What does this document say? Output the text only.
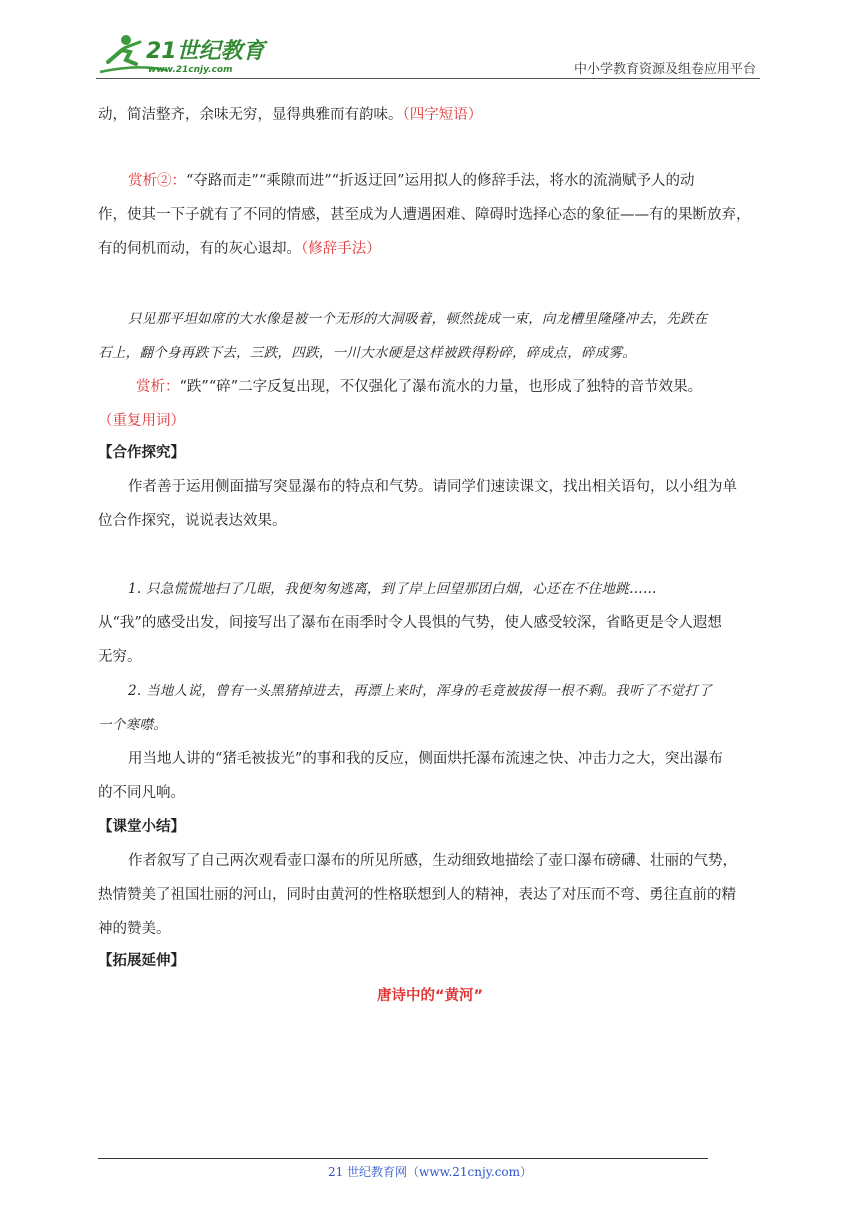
21世纪教育
www.21cnjy.com	中小学教育资源及组卷应用平台
动，简洁整齐，余味无穷，显得典雅而有韵味。（四字短语）
赏析②：“夺路而走”“乘隙而进”“折返迂回”运用拟人的修辞手法，将水的流淌赋予人的动
作，使其一下子就有了不同的情感，甚至成为人遭遇困难、障碍时选择心态的象征——有的果断放弃，
有的伺机而动，有的灰心退却。（修辞手法）
只见那平坦如席的大水像是被一个无形的大洞吸着，顿然拢成一束，向龙槽里隆隆冲去，先跌在
石上，翻个身再跌下去，三跌，四跌，一川大水硬是这样被跌得粉碎，碎成点，碎成雾。
赏析：“跌”“碎”二字反复出现，不仅强化了瀑布流水的力量，也形成了独特的音节效果。
（重复用词）
【合作探究】
作者善于运用侧面描写突显瀑布的特点和气势。请同学们速读课文，找出相关语句，以小组为单
位合作探究，说说表达效果。
1. 只急慌慌地扫了几眼，我便匆匆逃离，到了岸上回望那团白烟，心还在不住地跳……
从“我”的感受出发，间接写出了瀑布在雨季时令人畏惧的气势，使人感受较深，省略更是令人遐想
无穷。
2. 当地人说，曾有一头黑猪掉进去，再漂上来时，浑身的毛竟被拔得一根不剩。我听了不觉打了
一个寒噤。
用当地人讲的“猪毛被拔光”的事和我的反应，侧面烘托瀑布流速之快、冲击力之大，突出瀑布
的不同凡响。
【课堂小结】
作者叙写了自己两次观看壶口瀑布的所见所感，生动细致地描绘了壶口瀑布磅礴、壮丽的气势，
热情赞美了祖国壮丽的河山，同时由黄河的性格联想到人的精神，表达了对压而不弯、勇往直前的精
神的赞美。
【拓展延伸】
唐诗中的“黄河”
21 世纪教育网（www.21cnjy.com）
